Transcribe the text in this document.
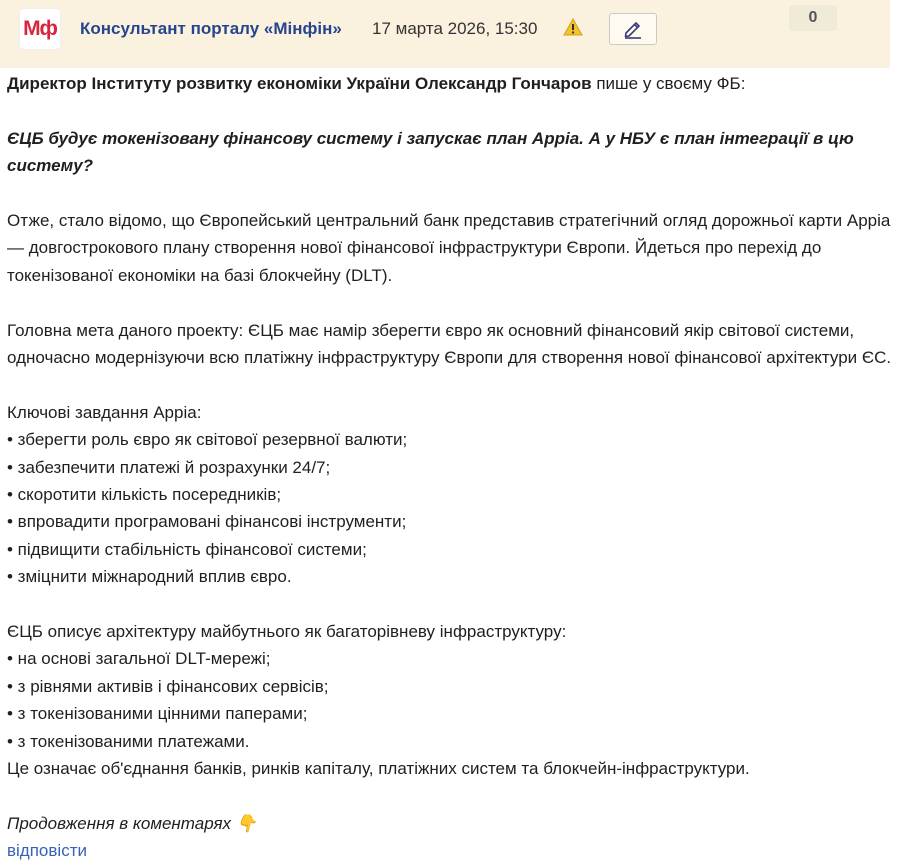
Мф Консультант порталу «Мінфін» 17 марта 2026, 15:30
0

Директор Інституту розвитку економіки України Олександр Гончаров пише у своєму ФБ:

ЄЦБ будує токенізовану фінансову систему і запускає план Appia. А у НБУ є план інтеграції в цю систему?

Отже, стало відомо, що Європейський центральний банк представив стратегічний огляд дорожньої карти Appia — довгострокового плану створення нової фінансової інфраструктури Європи. Йдеться про перехід до токенізованої економіки на базі блокчейну (DLT).

Головна мета даного проекту: ЄЦБ має намір зберегти євро як основний фінансовий якір світової системи, одночасно модернізуючи всю платіжну інфраструктуру Європи для створення нової фінансової архітектури ЄС.

Ключові завдання Appia:

• зберегти роль євро як світової резервної валюти;

• забезпечити платежі й розрахунки 24/7;

• скоротити кількість посередників;

• впровадити програмовані фінансові інструменти;

• підвищити стабільність фінансової системи;

• зміцнити міжнародний вплив євро.

ЄЦБ описує архітектуру майбутнього як багаторівневу інфраструктуру:

• на основі загальної DLT-мережі;

• з рівнями активів і фінансових сервісів;

• з токенізованими цінними паперами;

• з токенізованими платежами.

Це означає об'єднання банків, ринків капіталу, платіжних систем та блокчейн-інфраструктури.

Продовження в коментарях 👇

відповісти
